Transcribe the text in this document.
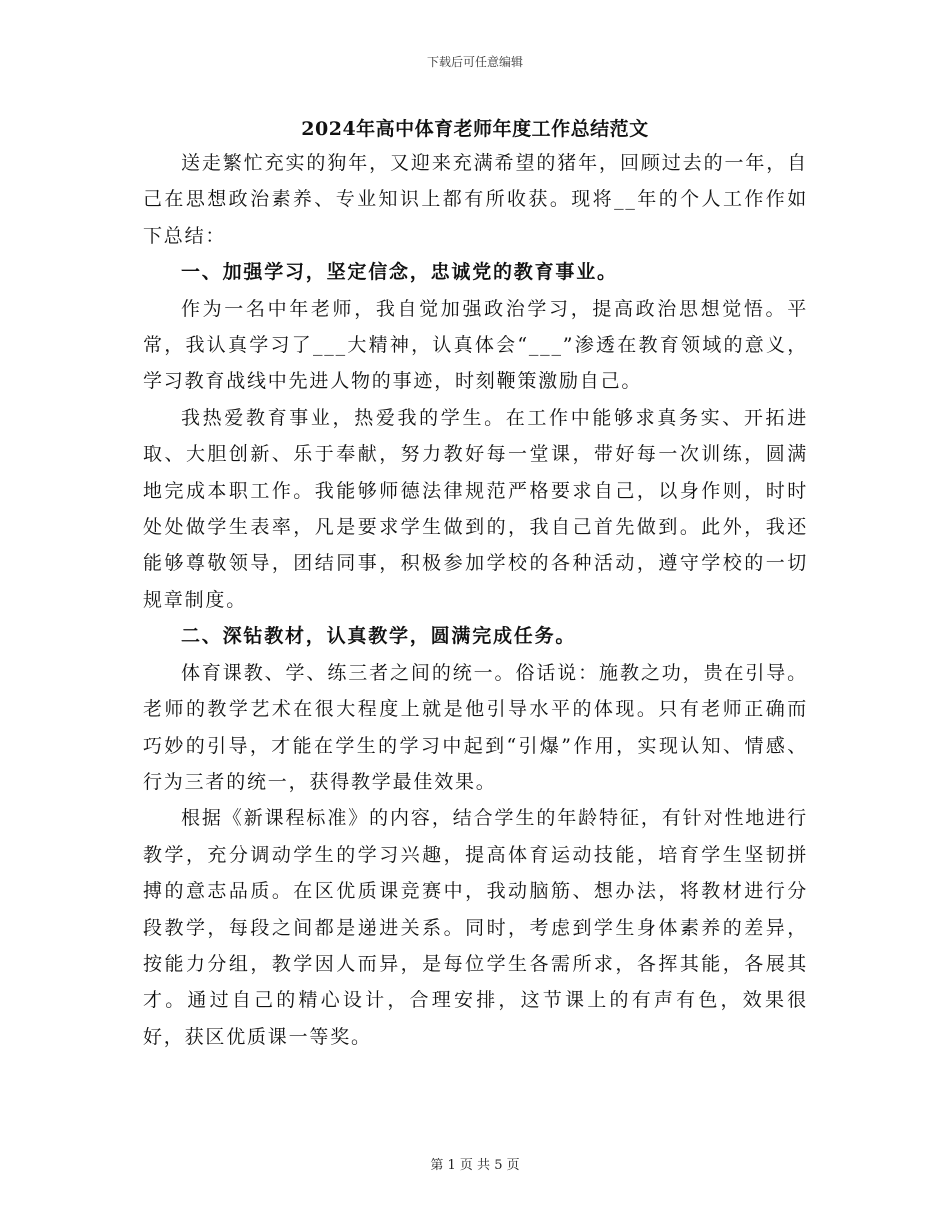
下载后可任意编辑
2024年高中体育老师年度工作总结范文

送走繁忙充实的狗年，又迎来充满希望的猪年，回顾过去的一年，自己在思想政治素养、专业知识上都有所收获。现将__年的个人工作作如下总结：

一、加强学习，坚定信念，忠诚党的教育事业。

作为一名中年老师，我自觉加强政治学习，提高政治思想觉悟。平常，我认真学习了___大精神，认真体会“___”渗透在教育领域的意义，学习教育战线中先进人物的事迹，时刻鞭策激励自己。

我热爱教育事业，热爱我的学生。在工作中能够求真务实、开拓进取、大胆创新、乐于奉献，努力教好每一堂课，带好每一次训练，圆满地完成本职工作。我能够师德法律规范严格要求自己，以身作则，时时处处做学生表率，凡是要求学生做到的，我自己首先做到。此外，我还能够尊敬领导，团结同事，积极参加学校的各种活动，遵守学校的一切规章制度。

二、深钻教材，认真教学，圆满完成任务。

体育课教、学、练三者之间的统一。俗话说：施教之功，贵在引导。老师的教学艺术在很大程度上就是他引导水平的体现。只有老师正确而巧妙的引导，才能在学生的学习中起到“引爆”作用，实现认知、情感、行为三者的统一，获得教学最佳效果。

根据《新课程标准》的内容，结合学生的年龄特征，有针对性地进行教学，充分调动学生的学习兴趣，提高体育运动技能，培育学生坚韧拼搏的意志品质。在区优质课竞赛中，我动脑筋、想办法，将教材进行分段教学，每段之间都是递进关系。同时，考虑到学生身体素养的差异，按能力分组，教学因人而异，是每位学生各需所求，各挥其能，各展其才。通过自己的精心设计，合理安排，这节课上的有声有色，效果很好，获区优质课一等奖。

第 1 页 共 5 页
